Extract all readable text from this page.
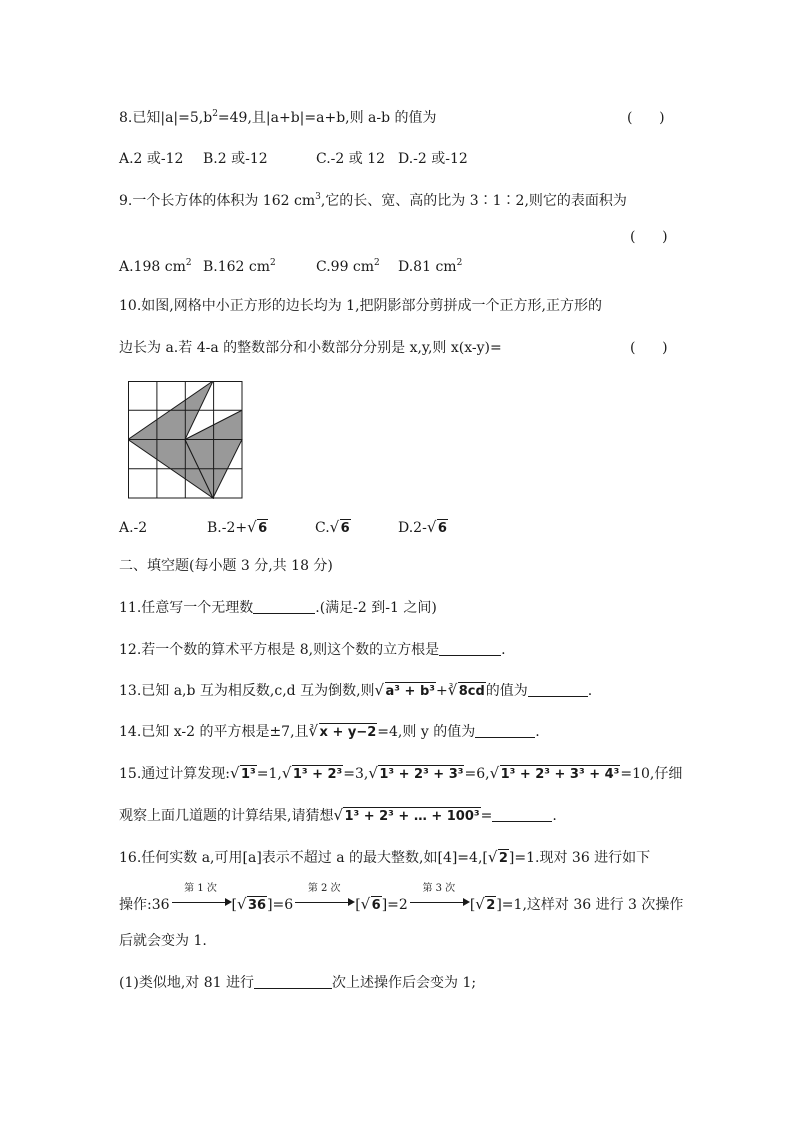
8.已知$|a|=5,b^2=49$,且|a+b|=a+b,则 a-b 的值为	(      )
A.2 或-12 B.2 或-12	C.-2 或 12 D.-2 或-12
9.一个长方体的体积为 162 $cm^3$,它的长、宽、高的比为 3∶1∶2,则它的表面积为
(      )
A.198 $cm^2$ B.162 $cm^2$	C.99 $cm^2$ D.81 $cm^2$
10.如图,网格中小正方形的边长均为 1,把阴影部分剪拼成一个正方形,正方形的
边长为 a.若 4-a 的整数部分和小数部分分别是 x,y,则 x(x-y)=	(      )
A.-2	B.-2+ √ 6	C. √ 6	D.2- √ 6
二、填空题(每小题 3 分,共 18 分)
11.任意写一个无理数	.(满足-2 到-1 之间)
12.若一个数的算术平方根是 8,则这个数的立方根是	.
13.已知 a,b 互为相反数,c,d 互为倒数,则 √ a³ + b³+ √ 3 8cd的值为	.
14.已知 x-2 的平方根是±7,且 √ 3 x + y−2=4,则 y 的值为	.
15.通过计算发现: √ 1³=1, √ 1³ + 2³=3, √ 1³ + 2³ + 3³=6, √ 1³ + 2³ + 3³ + 4³=10,仔细
观察上面几道题的计算结果,请猜想 √ 1³ + 2³ + … + 100³=	.
16.任何实数 a,可用[a]表示不超过 a 的最大整数,如[4]=4,[ √ 2]=1.现对 36 进行如下
操作:36
第 1 次
[ √ 36]=6
第 2 次
[ √ 6]=2
第 3 次
[ √ 2]=1,这样对 36 进行 3 次操作
后就会变为 1.
(1)类似地,对 81 进行	次上述操作后会变为 1;
